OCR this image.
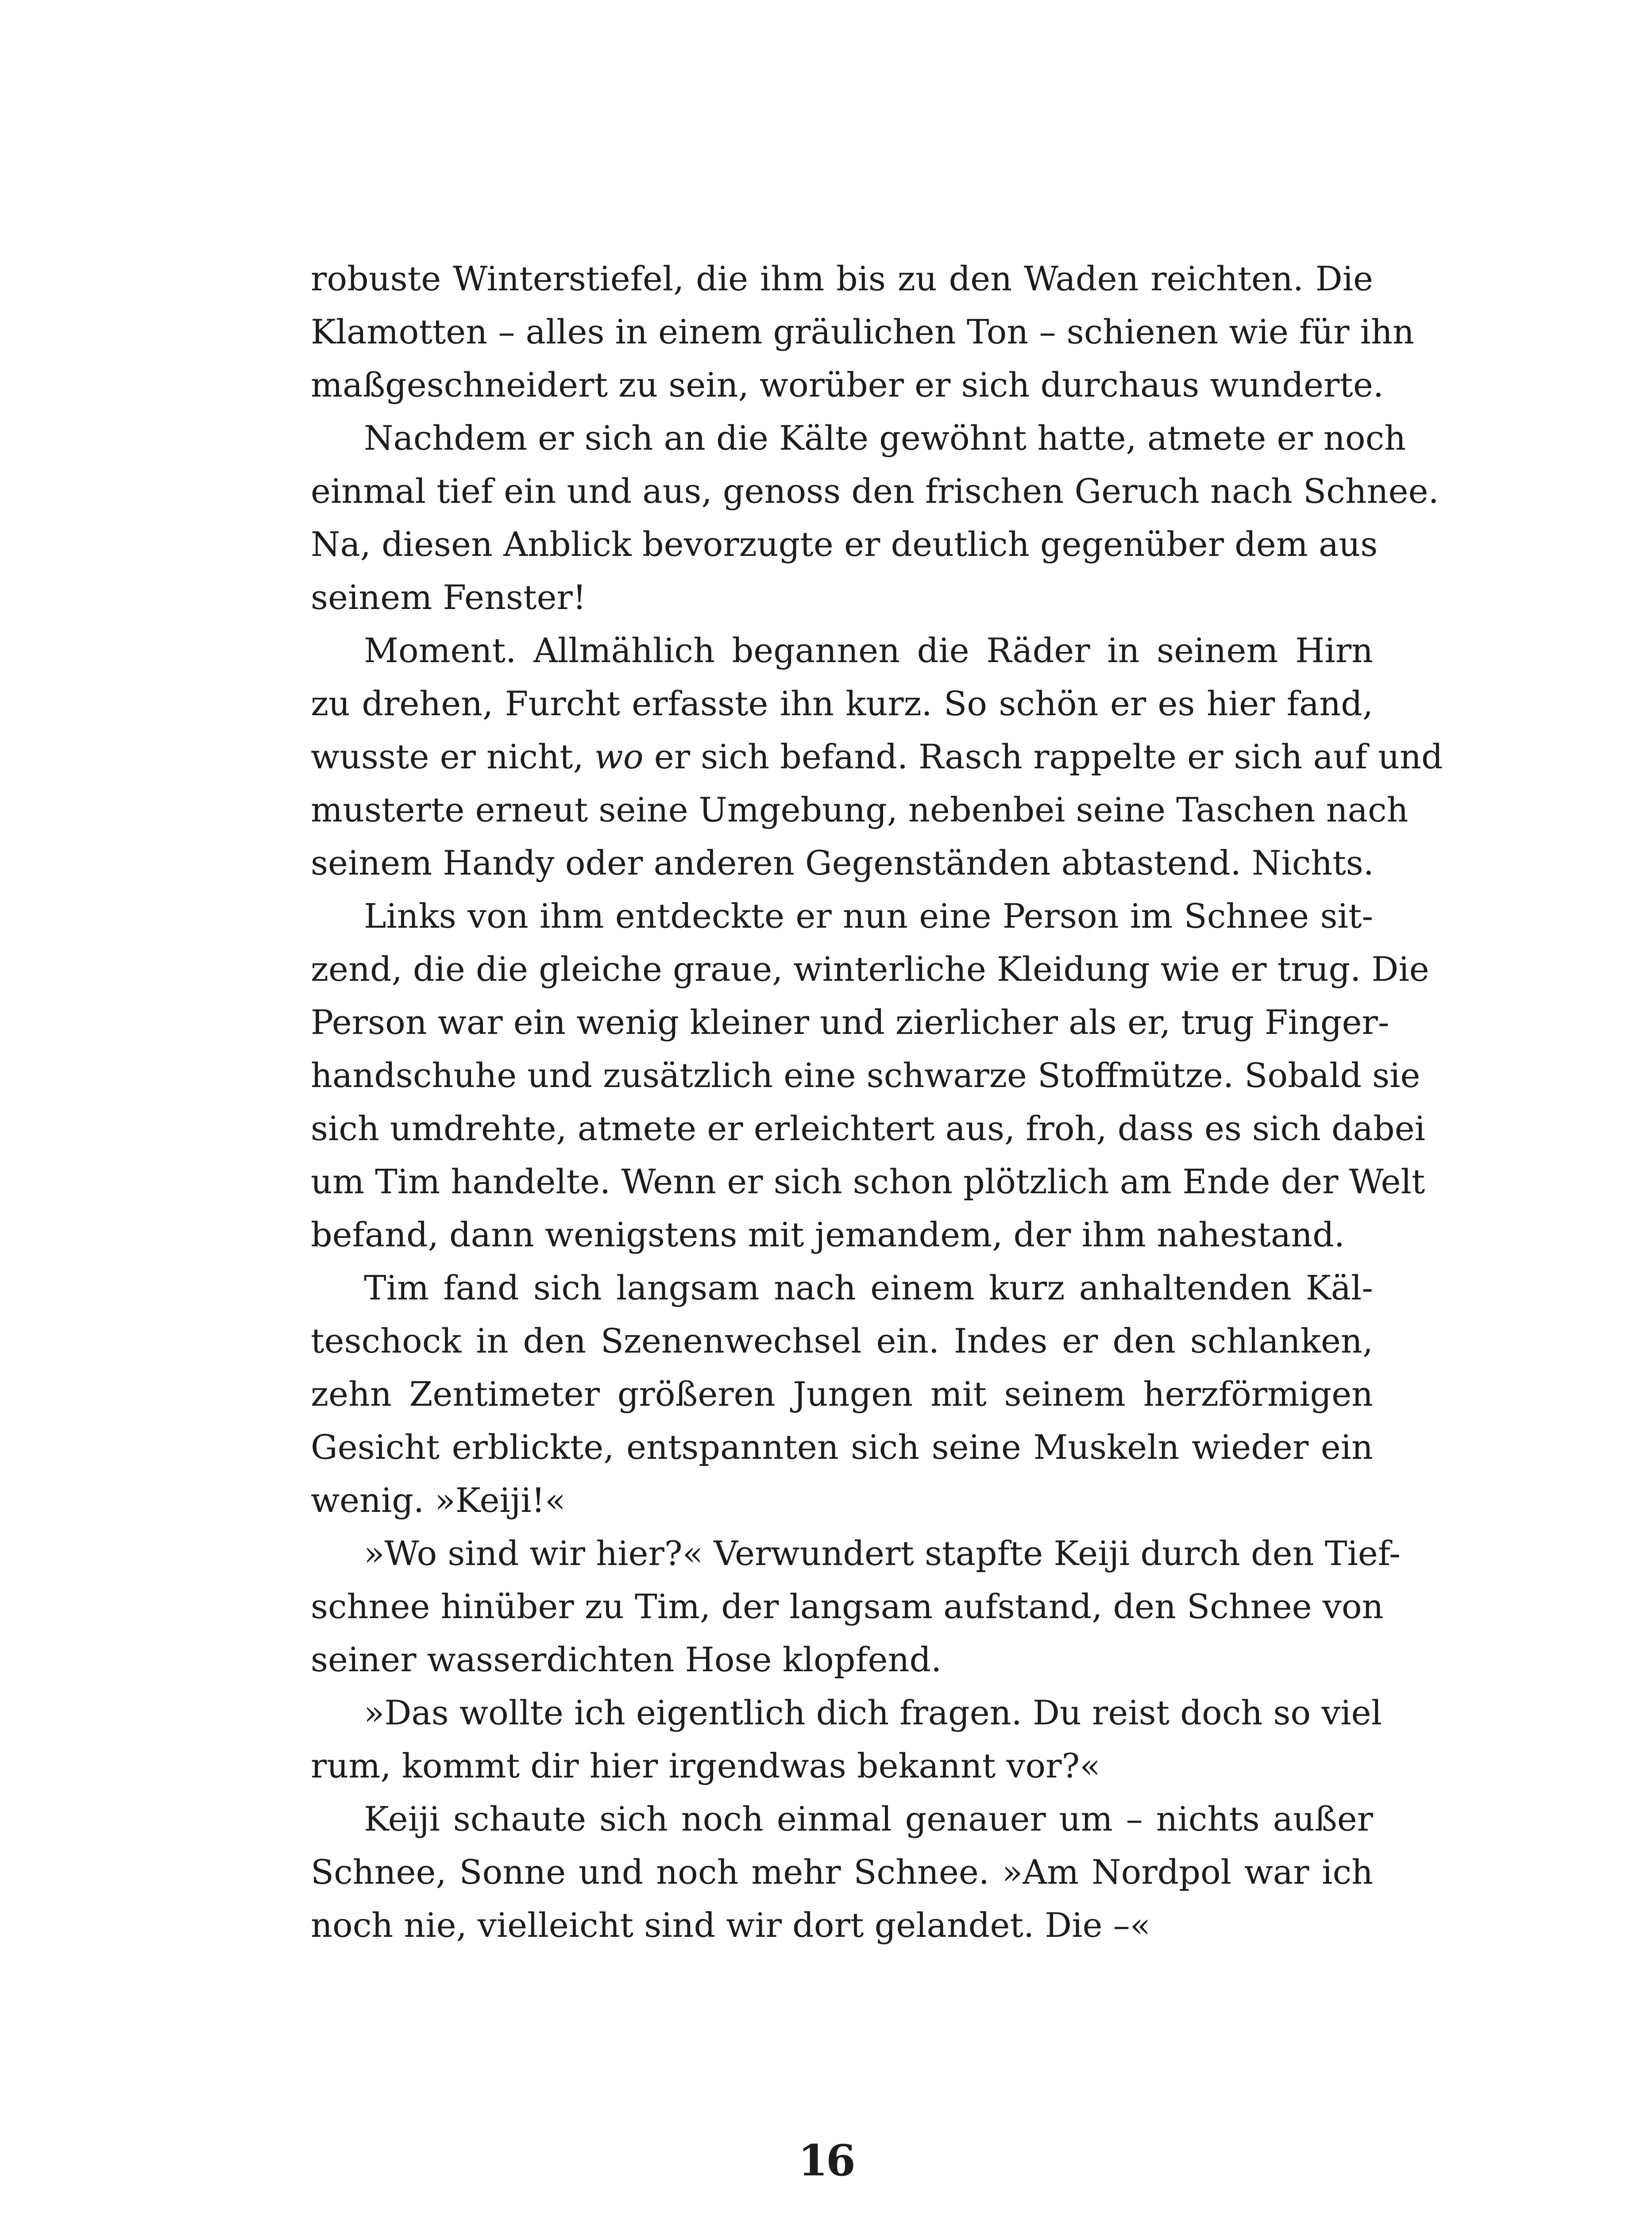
robuste Winterstiefel, die ihm bis zu den Waden reichten. Die
Klamotten – alles in einem gräulichen Ton – schienen wie für ihn
maßgeschneidert zu sein, worüber er sich durchaus wunderte.
Nachdem er sich an die Kälte gewöhnt hatte, atmete er noch
einmal tief ein und aus, genoss den frischen Geruch nach Schnee.
Na, diesen Anblick bevorzugte er deutlich gegenüber dem aus
seinem Fenster!
Moment. Allmählich begannen die Räder in seinem Hirn
zu drehen, Furcht erfasste ihn kurz. So schön er es hier fand,
wusste er nicht, wo er sich befand. Rasch rappelte er sich auf und
musterte erneut seine Umgebung, nebenbei seine Taschen nach
seinem Handy oder anderen Gegenständen abtastend. Nichts.
Links von ihm entdeckte er nun eine Person im Schnee sit-
zend, die die gleiche graue, winterliche Kleidung wie er trug. Die
Person war ein wenig kleiner und zierlicher als er, trug Finger-
handschuhe und zusätzlich eine schwarze Stoffmütze. Sobald sie
sich umdrehte, atmete er erleichtert aus, froh, dass es sich dabei
um Tim handelte. Wenn er sich schon plötzlich am Ende der Welt
befand, dann wenigstens mit jemandem, der ihm nahestand.
Tim fand sich langsam nach einem kurz anhaltenden Käl-
teschock in den Szenenwechsel ein. Indes er den schlanken,
zehn Zentimeter größeren Jungen mit seinem herzförmigen
Gesicht erblickte, entspannten sich seine Muskeln wieder ein
wenig. »Keiji!«
»Wo sind wir hier?« Verwundert stapfte Keiji durch den Tief-
schnee hinüber zu Tim, der langsam aufstand, den Schnee von
seiner wasserdichten Hose klopfend.
»Das wollte ich eigentlich dich fragen. Du reist doch so viel
rum, kommt dir hier irgendwas bekannt vor?«
Keiji schaute sich noch einmal genauer um – nichts außer
Schnee, Sonne und noch mehr Schnee. »Am Nordpol war ich
noch nie, vielleicht sind wir dort gelandet. Die –«
16
